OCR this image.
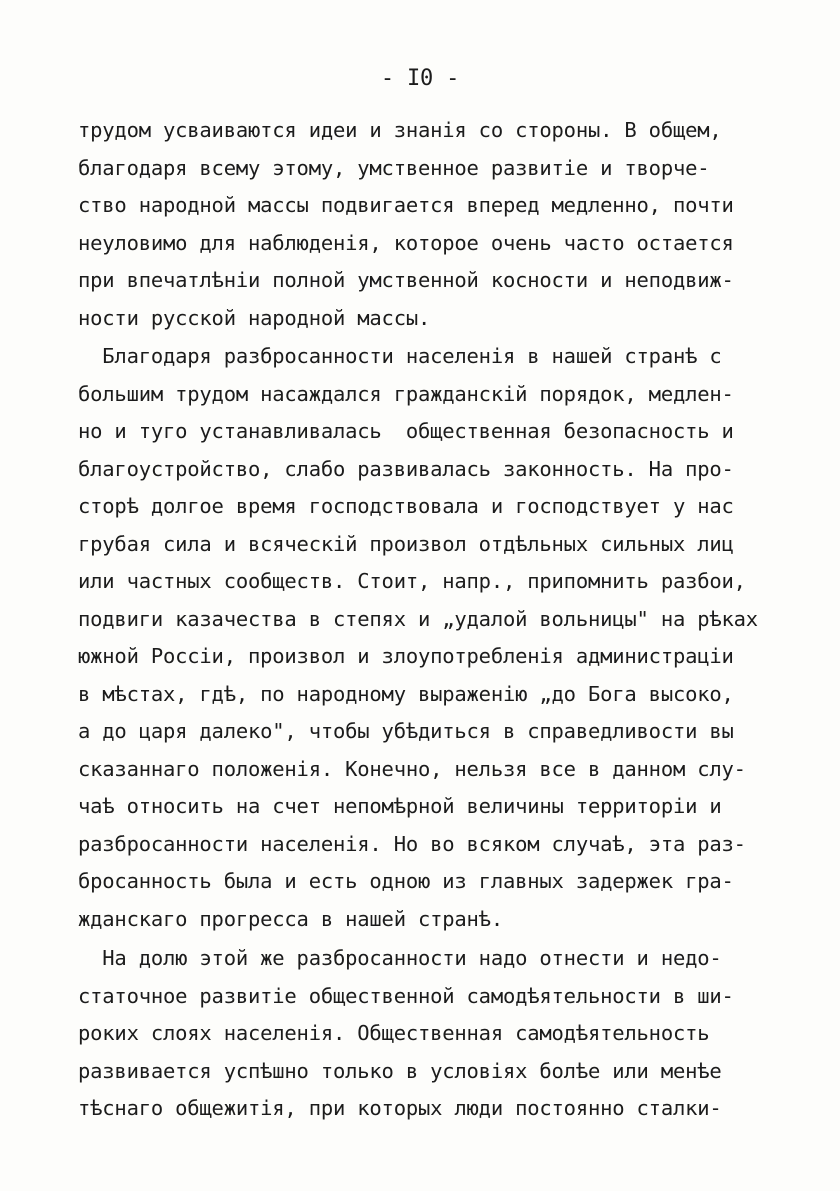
- I0 -
трудом усваиваются идеи и знанiя со стороны. В общем,
благодаря всему этому, умственное развитiе и творче-
ство народной массы подвигается вперед медленно, почти
неуловимо для наблюденiя, которое очень часто остается
при впечатлѣнiи полной умственной косности и неподвиж-
ности русской народной массы.
Благодаря разбросанности населенiя в нашей странѣ с
большим трудом насаждался гражданскiй порядок, медлен-
но и туго устанавливалась  общественная безопасность и
благоустройство, слабо развивалась законность. На про-
сторѣ долгое время господствовала и господствует у нас
грубая сила и всяческiй произвол отдѣльных сильных лиц
или частных сообществ. Стоит, напр., припомнить разбои,
подвиги казачества в степях и „удалой вольницы" на рѣках
южной Россiи, произвол и злоупотребленiя администрацiи
в мѣстах, гдѣ, по народному выраженiю „до Бога высоко,
а до царя далеко", чтобы убѣдиться в справедливости вы
сказаннаго положенiя. Конечно, нельзя все в данном слу-
чаѣ относить на счет непомѣрной величины территорiи и
разбросанности населенiя. Но во всяком случаѣ, эта раз-
бросанность была и есть одною из главных задержек гра-
жданскаго прогресса в нашей странѣ.
На долю этой же разбросанности надо отнести и недо-
статочное развитiе общественной самодѣятельности в ши-
роких слоях населенiя. Общественная самодѣятельность
развивается успѣшно только в условiях болѣе или менѣе
тѣснаго общежитiя, при которых люди постоянно сталки-
